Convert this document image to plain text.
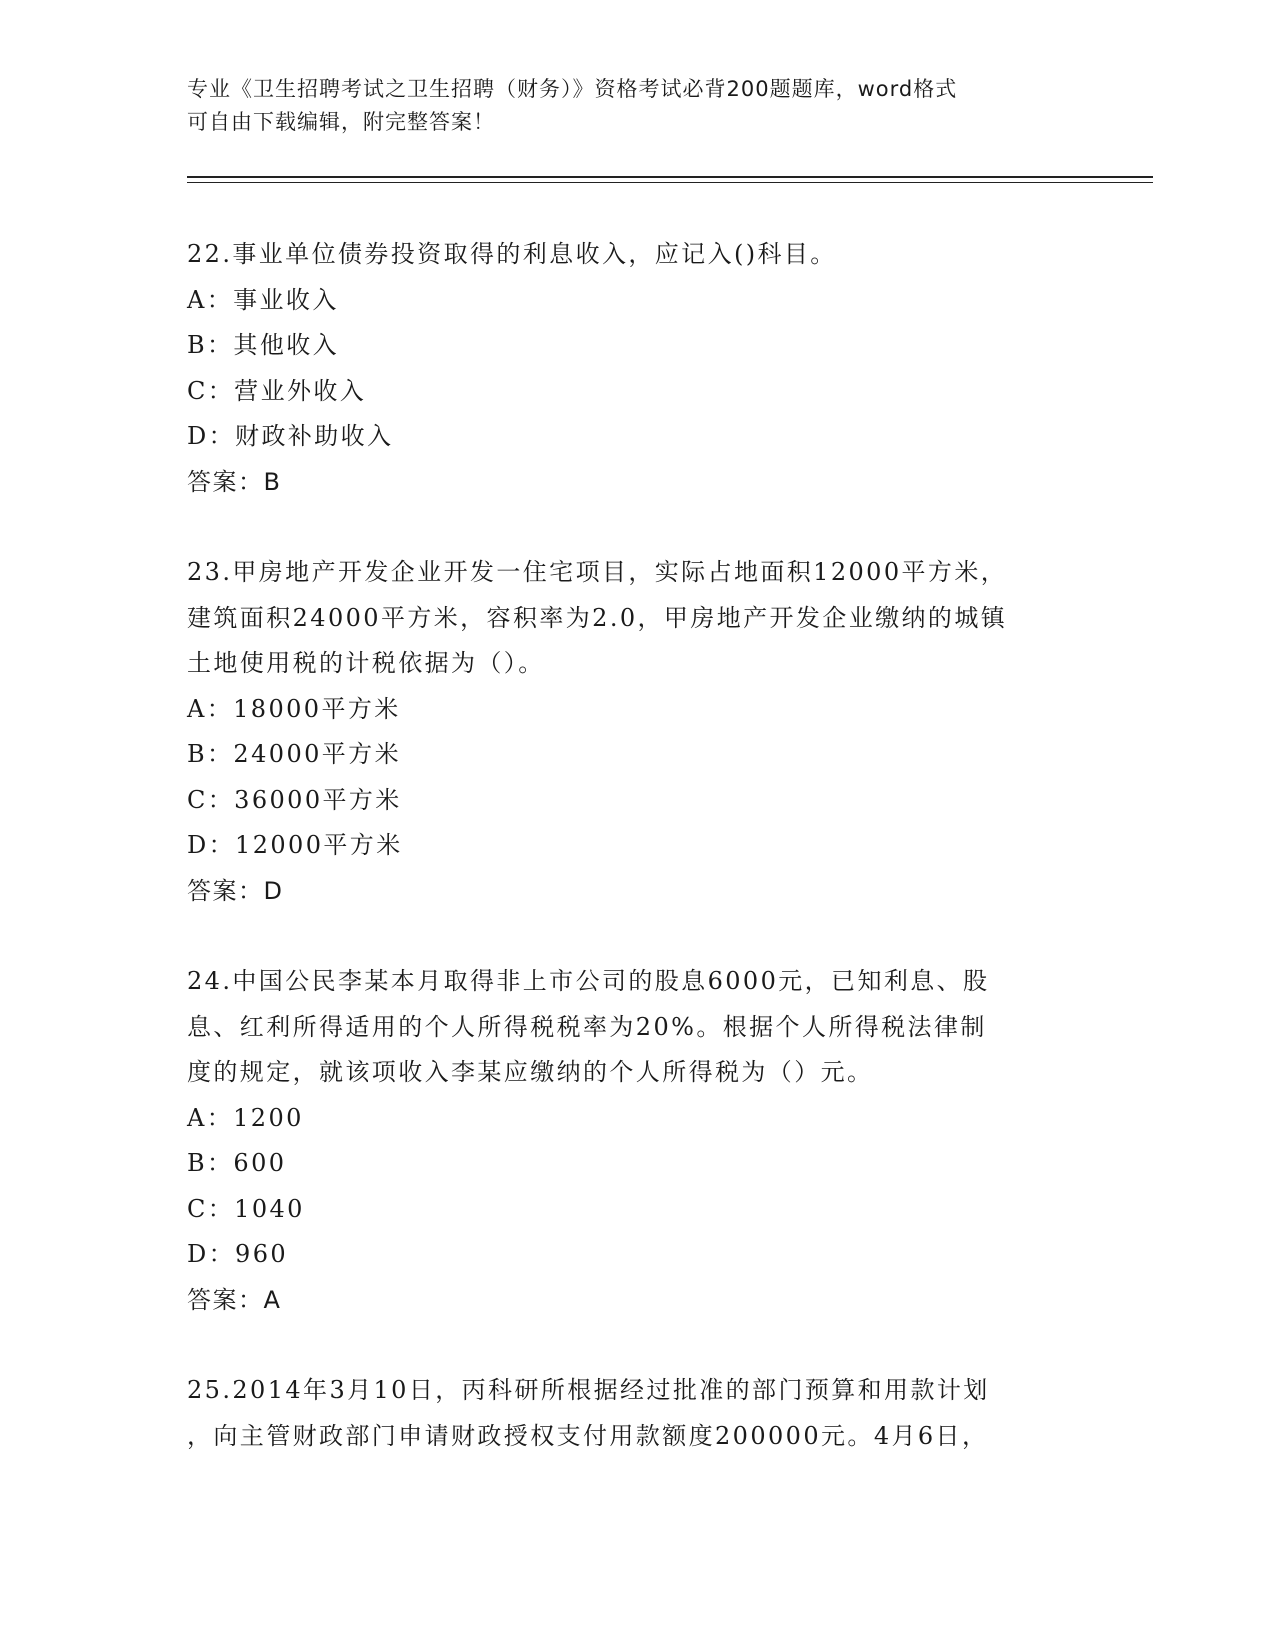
专业《卫生招聘考试之卫生招聘（财务）》资格考试必背200题题库，word格式
可自由下载编辑，附完整答案！
22.事业单位债券投资取得的利息收入，应记入()科目。
A：事业收入
B：其他收入
C：营业外收入
D：财政补助收入
答案：B
23.甲房地产开发企业开发一住宅项目，实际占地面积12000平方米，
建筑面积24000平方米，容积率为2.0，甲房地产开发企业缴纳的城镇
土地使用税的计税依据为（）。
A：18000平方米
B：24000平方米
C：36000平方米
D：12000平方米
答案：D
24.中国公民李某本月取得非上市公司的股息6000元，已知利息、股
息、红利所得适用的个人所得税税率为20%。根据个人所得税法律制
度的规定，就该项收入李某应缴纳的个人所得税为（）元。
A：1200
B：600
C：1040
D：960
答案：A
25.2014年3月10日，丙科研所根据经过批准的部门预算和用款计划
，向主管财政部门申请财政授权支付用款额度200000元。4月6日，
